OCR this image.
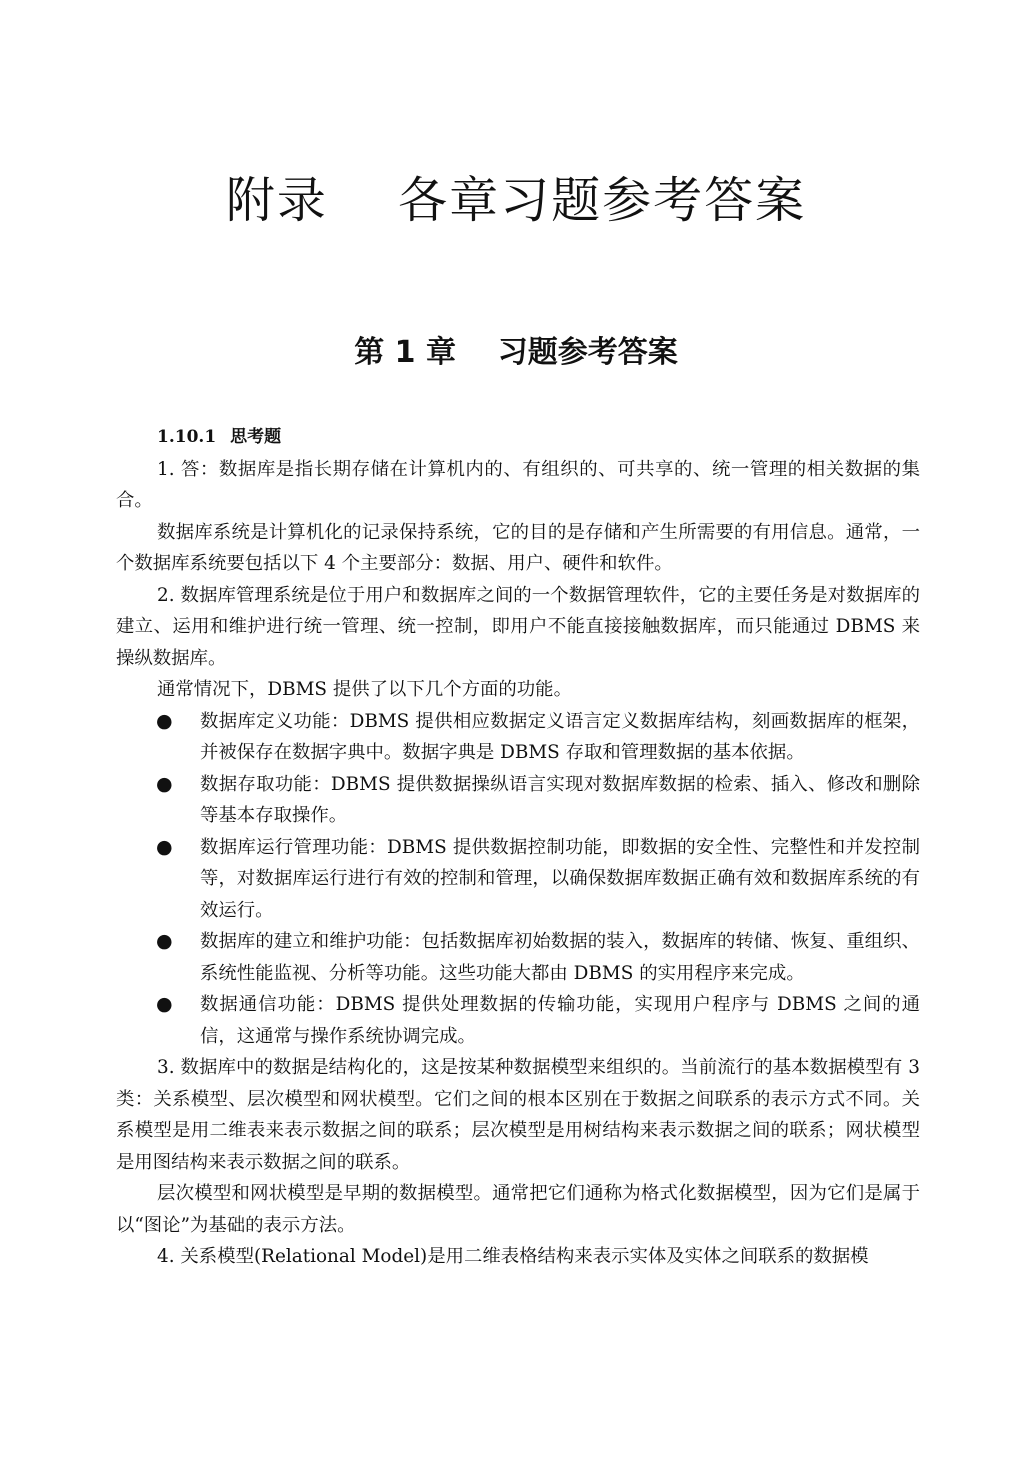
附录    各章习题参考答案
第 1 章    习题参考答案
1.10.1 思考题

1. 答：数据库是指长期存储在计算机内的、有组织的、可共享的、统一管理的相关数据的集合。

数据库系统是计算机化的记录保持系统，它的目的是存储和产生所需要的有用信息。通常，一个数据库系统要包括以下 4 个主要部分：数据、用户、硬件和软件。

2. 数据库管理系统是位于用户和数据库之间的一个数据管理软件，它的主要任务是对数据库的建立、运用和维护进行统一管理、统一控制，即用户不能直接接触数据库，而只能通过 DBMS 来操纵数据库。

通常情况下，DBMS 提供了以下几个方面的功能。

● 数据库定义功能：DBMS 提供相应数据定义语言定义数据库结构，刻画数据库的框架，并被保存在数据字典中。数据字典是 DBMS 存取和管理数据的基本依据。
● 数据存取功能：DBMS 提供数据操纵语言实现对数据库数据的检索、插入、修改和删除等基本存取操作。
● 数据库运行管理功能：DBMS 提供数据控制功能，即数据的安全性、完整性和并发控制等，对数据库运行进行有效的控制和管理，以确保数据库数据正确有效和数据库系统的有效运行。
● 数据库的建立和维护功能：包括数据库初始数据的装入，数据库的转储、恢复、重组织、系统性能监视、分析等功能。这些功能大都由 DBMS 的实用程序来完成。
● 数据通信功能：DBMS 提供处理数据的传输功能，实现用户程序与 DBMS 之间的通信，这通常与操作系统协调完成。

3. 数据库中的数据是结构化的，这是按某种数据模型来组织的。当前流行的基本数据模型有 3 类：关系模型、层次模型和网状模型。它们之间的根本区别在于数据之间联系的表示方式不同。关系模型是用二维表来表示数据之间的联系；层次模型是用树结构来表示数据之间的联系；网状模型是用图结构来表示数据之间的联系。

层次模型和网状模型是早期的数据模型。通常把它们通称为格式化数据模型，因为它们是属于以“图论”为基础的表示方法。

4. 关系模型(Relational Model)是用二维表格结构来表示实体及实体之间联系的数据模
